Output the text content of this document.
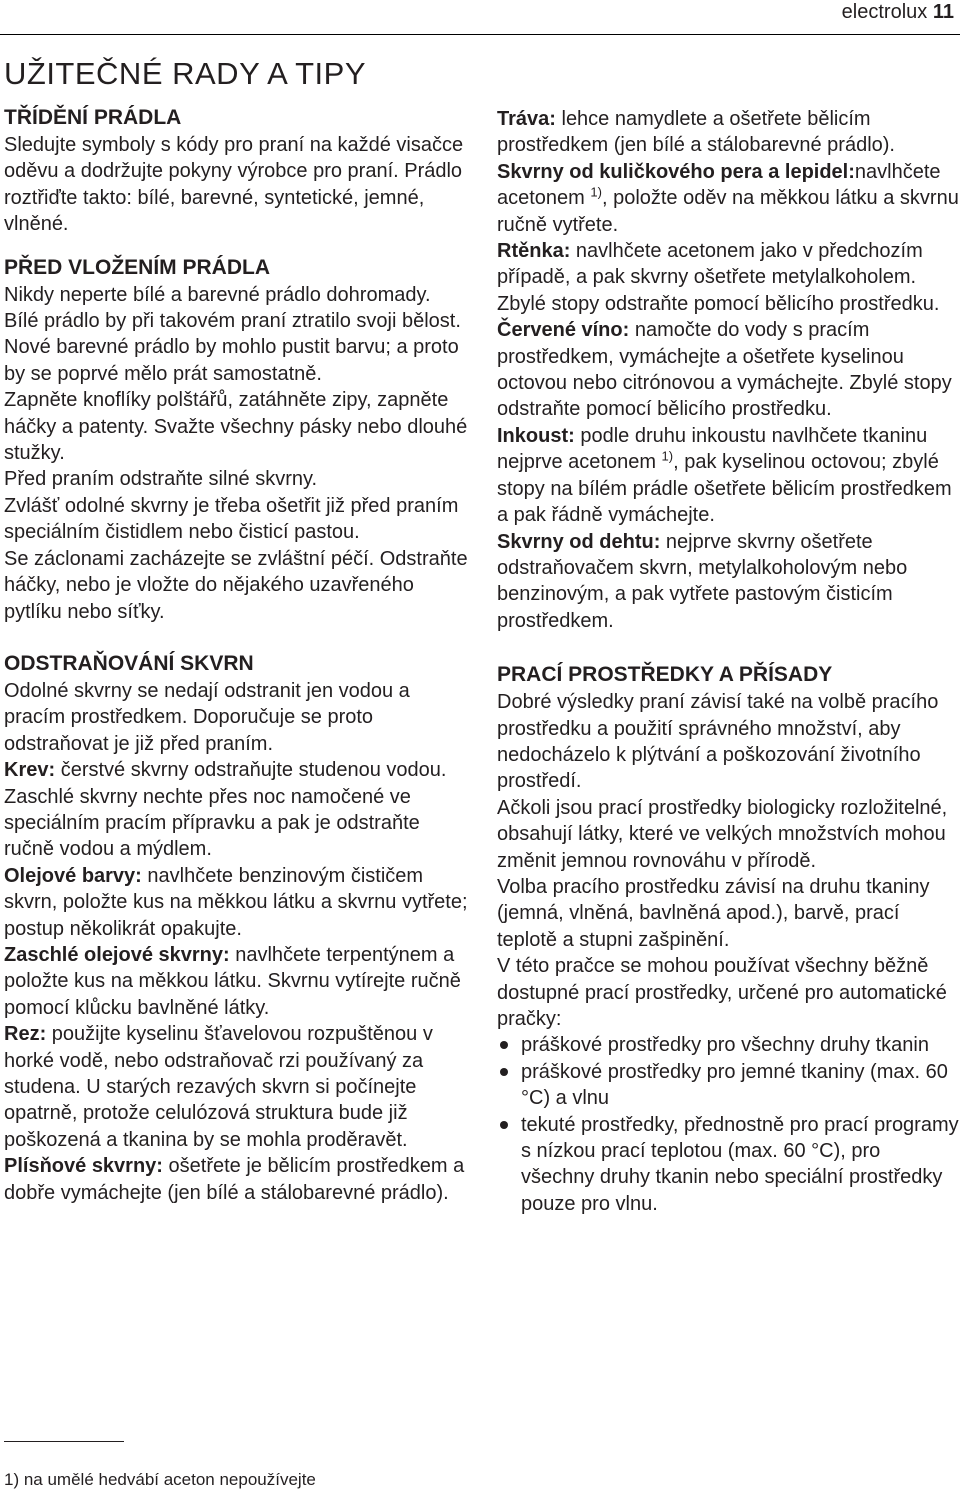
electrolux 11
UŽITEČNÉ RADY A TIPY
TŘÍDĚNÍ PRÁDLA

Sledujte symboly s kódy pro praní na každé visačce oděvu a dodržujte pokyny výrobce pro praní. Prádlo roztřiďte takto: bílé, barevné, syntetické, jemné, vlněné.

PŘED VLOŽENÍM PRÁDLA

Nikdy neperte bílé a barevné prádlo dohromady. Bílé prádlo by při takovém praní ztratilo svoji bělost.

Nové barevné prádlo by mohlo pustit barvu; a proto by se poprvé mělo prát samostatně.

Zapněte knoflíky polštářů, zatáhněte zipy, zapněte háčky a patenty. Svažte všechny pásky nebo dlouhé stužky.

Před praním odstraňte silné skvrny.

Zvlášť odolné skvrny je třeba ošetřit již před praním speciálním čistidlem nebo čisticí pastou.

Se záclonami zacházejte se zvláštní péčí. Odstraňte háčky, nebo je vložte do nějakého uzavřeného pytlíku nebo síťky.

ODSTRAŇOVÁNÍ SKVRN

Odolné skvrny se nedají odstranit jen vodou a pracím prostředkem. Doporučuje se proto odstraňovat je již před praním.

Krev: čerstvé skvrny odstraňujte studenou vodou. Zaschlé skvrny nechte přes noc namočené ve speciálním pracím přípravku a pak je odstraňte ručně vodou a mýdlem.

Olejové barvy: navlhčete benzinovým čističem skvrn, položte kus na měkkou látku a skvrnu vytřete; postup několikrát opakujte.

Zaschlé olejové skvrny: navlhčete terpentýnem a položte kus na měkkou látku. Skvrnu vytírejte ručně pomocí klůcku bavlněné látky.

Rez: použijte kyselinu šťavelovou rozpuštěnou v horké vodě, nebo odstraňovač rzi používaný za studena. U starých rezavých skvrn si počínejte opatrně, protože celulózová struktura bude již poškozená a tkanina by se mohla proděravět.

Plísňové skvrny: ošetřete je bělicím prostředkem a dobře vymáchejte (jen bílé a stálobarevné prádlo).

Tráva: lehce namydlete a ošetřete bělicím prostředkem (jen bílé a stálobarevné prádlo).

Skvrny od kuličkového pera a lepidel:navlhčete acetonem $^{1)}$, položte oděv na měkkou látku a skvrnu ručně vytřete.

Rtěnka: navlhčete acetonem jako v předchozím případě, a pak skvrny ošetřete metylalkoholem. Zbylé stopy odstraňte pomocí bělicího prostředku.

Červené víno: namočte do vody s pracím prostředkem, vymáchejte a ošetřete kyselinou octovou nebo citrónovou a vymáchejte. Zbylé stopy odstraňte pomocí bělicího prostředku.

Inkoust: podle druhu inkoustu navlhčete tkaninu nejprve acetonem $^{1)}$, pak kyselinou octovou; zbylé stopy na bílém prádle ošetřete bělicím prostředkem a pak řádně vymáchejte.

Skvrny od dehtu: nejprve skvrny ošetřete odstraňovačem skvrn, metylalkoholovým nebo benzinovým, a pak vytřete pastovým čisticím prostředkem.

PRACÍ PROSTŘEDKY A PŘÍSADY

Dobré výsledky praní závisí také na volbě pracího prostředku a použití správného množství, aby nedocházelo k plýtvání a poškozování životního prostředí.

Ačkoli jsou prací prostředky biologicky rozložitelné, obsahují látky, které ve velkých množstvích mohou změnit jemnou rovnováhu v přírodě.

Volba pracího prostředku závisí na druhu tkaniny (jemná, vlněná, bavlněná apod.), barvě, prací teplotě a stupni zašpinění.

V této pračce se mohou používat všechny běžně dostupné prací prostředky, určené pro automatické pračky:

práškové prostředky pro všechny druhy tkanin
práškové prostředky pro jemné tkaniny (max. 60 °C) a vlnu
tekuté prostředky, přednostně pro prací programy s nízkou prací teplotou (max. 60 °C), pro všechny druhy tkanin nebo speciální prostředky pouze pro vlnu.
1) na umělé hedvábí aceton nepoužívejte
